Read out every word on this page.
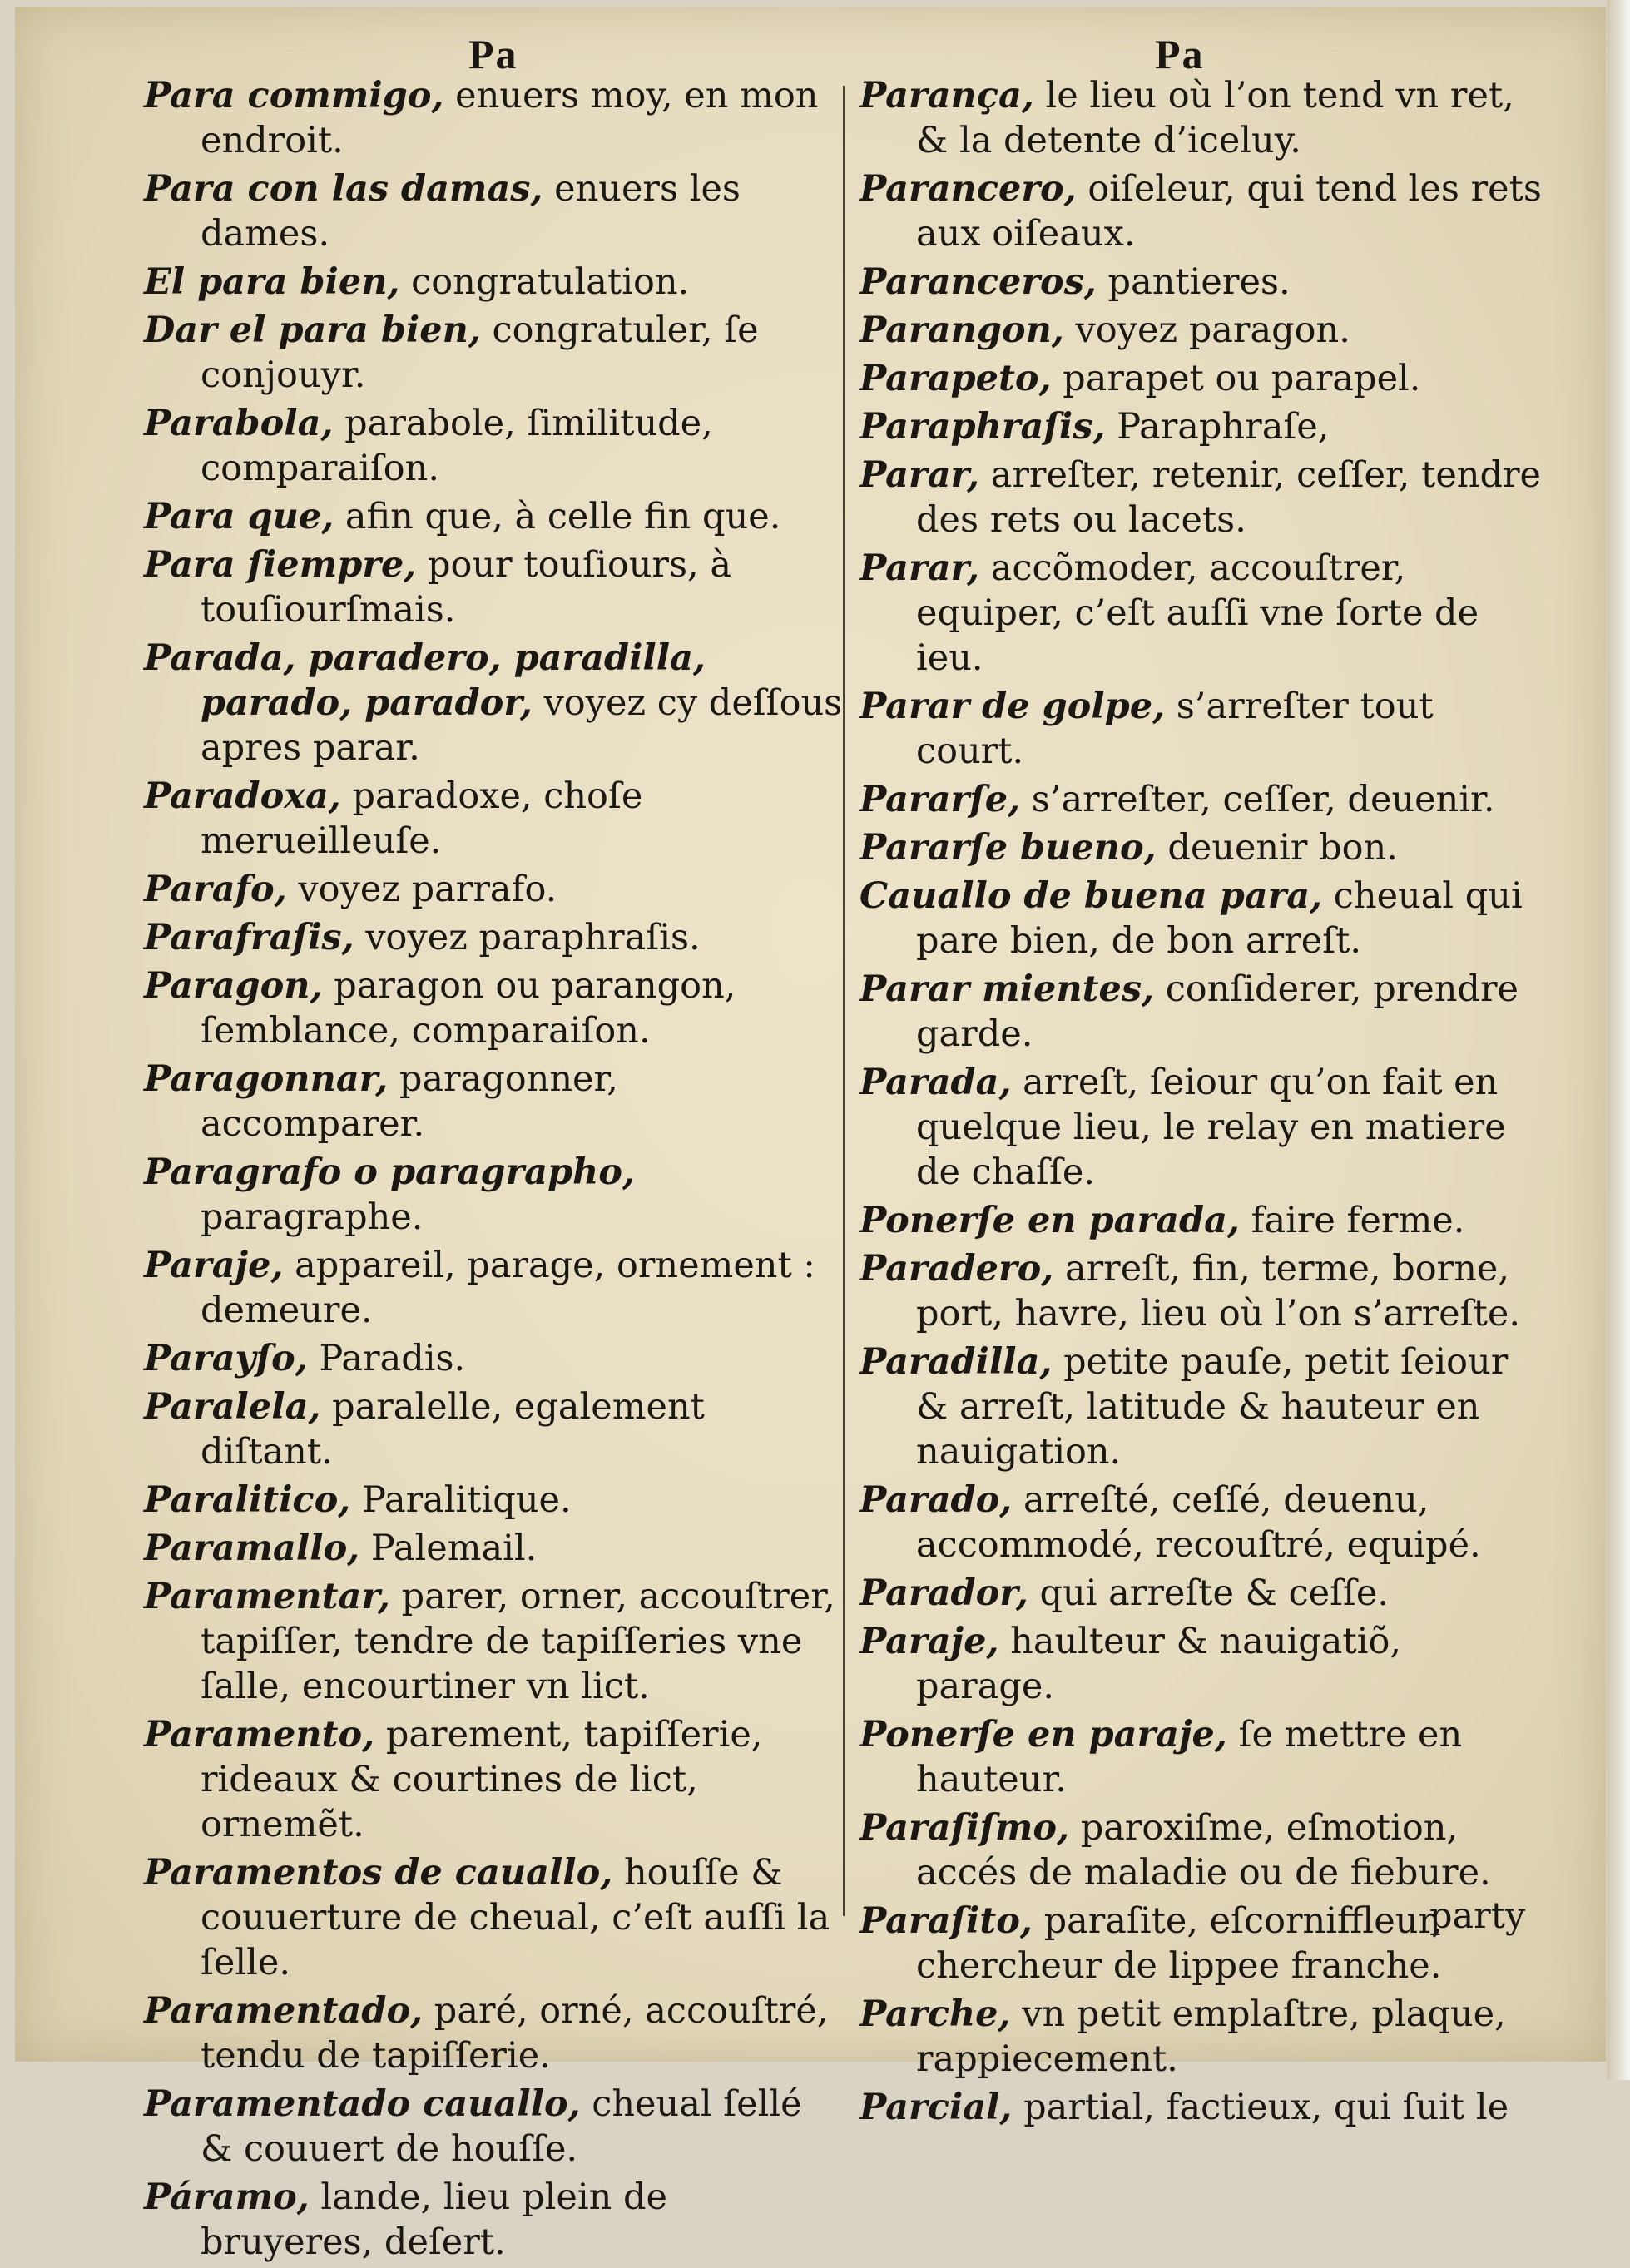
Pa	Pa

Para commigo, enuers moy, en mon endroit.

Para con las damas, enuers les dames.

El para bien, congratulation.

Dar el para bien, congratuler, ſe conjouyr.

Parabola, parabole, ſimilitude, comparaiſon.

Para que, afin que, à celle fin que.

Para ſiempre, pour touſiours, à touſiourſmais.

Parada, paradero, paradilla, parado, parador, voyez cy deſſous apres parar.

Paradoxa, paradoxe, choſe merueilleuſe.

Parafo, voyez parrafo.

Parafraſis, voyez paraphraſis.

Paragon, paragon ou parangon, ſemblance, comparaiſon.

Paragonnar, paragonner, accomparer.

Paragrafo o paragrapho, paragraphe.

Paraje, appareil, parage, ornement : demeure.

Parayſo, Paradis.

Paralela, paralelle, egalement diſtant.

Paralitico, Paralitique.

Paramallo, Palemail.

Paramentar, parer, orner, accouſtrer, tapiſſer, tendre de tapiſſeries vne ſalle, encourtiner vn lict.

Paramento, parement, tapiſſerie, rideaux & courtines de lict, ornemẽt.

Paramentos de cauallo, houſſe & couuerture de cheual, c’eſt auſſi la ſelle.

Paramentado, paré, orné, accouſtré, tendu de tapiſſerie.

Paramentado cauallo, cheual ſellé & couuert de houſſe.

Páramo, lande, lieu plein de bruyeres, deſert.

Parança, le lieu où l’on tend vn ret, & la detente d’iceluy.

Parancero, oiſeleur, qui tend les rets aux oiſeaux.

Paranceros, pantieres.

Parangon, voyez paragon.

Parapeto, parapet ou parapel.

Paraphraſis, Paraphraſe,

Parar, arreſter, retenir, ceſſer, tendre des rets ou lacets.

Parar, accõmoder, accouſtrer, equiper, c’eſt auſſi vne ſorte de ieu.

Parar de golpe, s’arreſter tout court.

Pararſe, s’arreſter, ceſſer, deuenir.

Pararſe bueno, deuenir bon.

Cauallo de buena para, cheual qui pare bien, de bon arreſt.

Parar mientes, conſiderer, prendre garde.

Parada, arreſt, ſeiour qu’on fait en quelque lieu, le relay en matiere de chaſſe.

Ponerſe en parada, faire ferme.

Paradero, arreſt, fin, terme, borne, port, havre, lieu où l’on s’arreſte.

Paradilla, petite pauſe, petit ſeiour & arreſt, latitude & hauteur en nauigation.

Parado, arreſté, ceſſé, deuenu, accommodé, recouſtré, equipé.

Parador, qui arreſte & ceſſe.

Paraje, haulteur & nauigatiõ, parage.

Ponerſe en paraje, ſe mettre en hauteur.

Paraſiſmo, paroxiſme, eſmotion, accés de maladie ou de fiebure.

Paraſito, paraſite, eſcornifflеur, chercheur de lippee franche.

Parche, vn petit emplaſtre, plaque, rappiecement.

Parcial, partial, factieux, qui ſuit le

party
